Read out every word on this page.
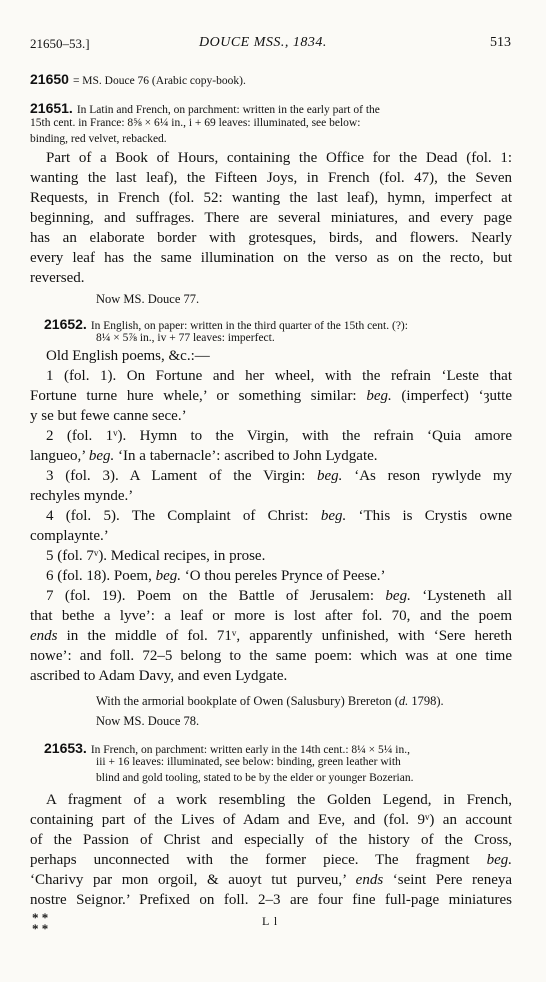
21650–53.]	DOUCE MSS., 1834.	513
21650 = MS. Douce 76 (Arabic copy-book).
21651. In Latin and French, on parchment: written in the early part of the
15th cent. in France: 8⅝ × 6¼ in., i + 69 leaves: illuminated, see below:
binding, red velvet, rebacked.
Part of a Book of Hours, containing the Office for the Dead (fol. 1:
wanting the last leaf), the Fifteen Joys, in French (fol. 47), the Seven
Requests, in French (fol. 52: wanting the last leaf), hymn, imperfect at
beginning, and suffrages. There are several miniatures, and every page
has an elaborate border with grotesques, birds, and flowers. Nearly
every leaf has the same illumination on the verso as on the recto, but
reversed.
Now MS. Douce 77.
21652. In English, on paper: written in the third quarter of the 15th cent. (?):
8¼ × 5⅞ in., iv + 77 leaves: imperfect.
Old English poems, &c.:—
1 (fol. 1). On Fortune and her wheel, with the refrain ‘Leste that
Fortune turne hure whele,’ or something similar: beg. (imperfect) ‘ȝutte
y se but fewe canne sece.’
2 (fol. 1ᵛ). Hymn to the Virgin, with the refrain ‘Quia amore
langueo,’ beg. ‘In a tabernacle’: ascribed to John Lydgate.
3 (fol. 3). A Lament of the Virgin: beg. ‘As reson rywlyde my
rechyles mynde.’
4 (fol. 5). The Complaint of Christ: beg. ‘This is Crystis owne
complaynte.’
5 (fol. 7ᵛ). Medical recipes, in prose.
6 (fol. 18). Poem, beg. ‘O thou pereles Prynce of Peese.’
7 (fol. 19). Poem on the Battle of Jerusalem: beg. ‘Lysteneth all
that bethe a lyve’: a leaf or more is lost after fol. 70, and the poem
ends in the middle of fol. 71ᵛ, apparently unfinished, with ‘Sere hereth
nowe’: and foll. 72–5 belong to the same poem: which was at one time
ascribed to Adam Davy, and even Lydgate.
With the armorial bookplate of Owen (Salusbury) Brereton (d. 1798).
Now MS. Douce 78.
21653. In French, on parchment: written early in the 14th cent.: 8¼ × 5¼ in.,
iii + 16 leaves: illuminated, see below: binding, green leather with
blind and gold tooling, stated to be by the elder or younger Bozerian.
A fragment of a work resembling the Golden Legend, in French,
containing part of the Lives of Adam and Eve, and (fol. 9ᵛ) an account
of the Passion of Christ and especially of the history of the Cross,
perhaps unconnected with the former piece. The fragment beg.
‘Charivy par mon orgoil, & auoyt tut purveu,’ ends ‘seint Pere reneya
nostre Seignor.’ Prefixed on foll. 2–3 are four fine full-page miniatures
* *
* *	L l
